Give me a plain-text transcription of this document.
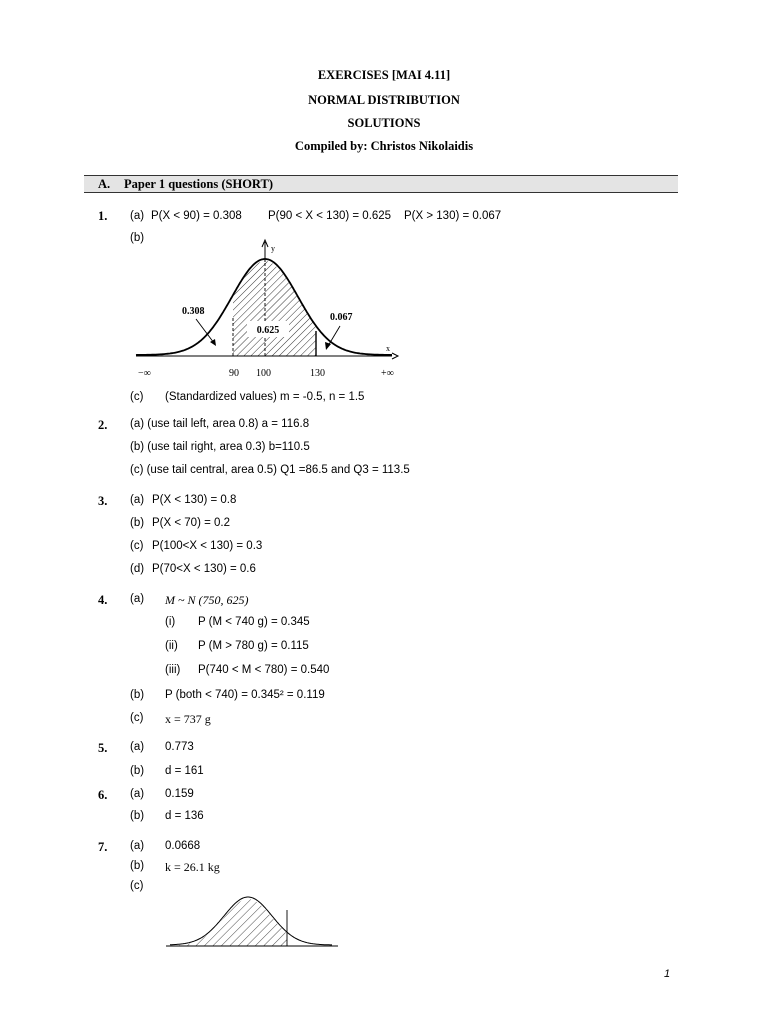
EXERCISES [MAI 4.11]
NORMAL DISTRIBUTION
SOLUTIONS
Compiled by: Christos Nikolaidis
A. Paper 1 questions (SHORT)
1. (a) P(X < 90) = 0.308 P(90 < X < 130) = 0.625 P(X > 130) = 0.067
(b)
y
x
0.625
0.308
0.067
−∞	90 100	130	+∞
(c) (Standardized values) m = -0.5, n = 1.5
2. (a) (use tail left, area 0.8) a = 116.8
(b) (use tail right, area 0.3) b=110.5
(c) (use tail central, area 0.5) Q1 =86.5 and Q3 = 113.5
3. (a) P(X < 130) = 0.8
(b) P(X < 70) = 0.2
(c) P(100<X < 130) = 0.3
(d) P(70<X < 130) = 0.6
4. (a) M ~ N (750, 625)
(i) P (M < 740 g) = 0.345
(ii) P (M > 780 g) = 0.115
(iii) P(740 < M < 780) = 0.540
(b) P (both < 740) = 0.345² = 0.119
(c) x = 737 g
5. (a) 0.773
(b) d = 161
6. (a) 0.159
(b) d = 136
7. (a) 0.0668
(b) k = 26.1 kg
(c)
1
